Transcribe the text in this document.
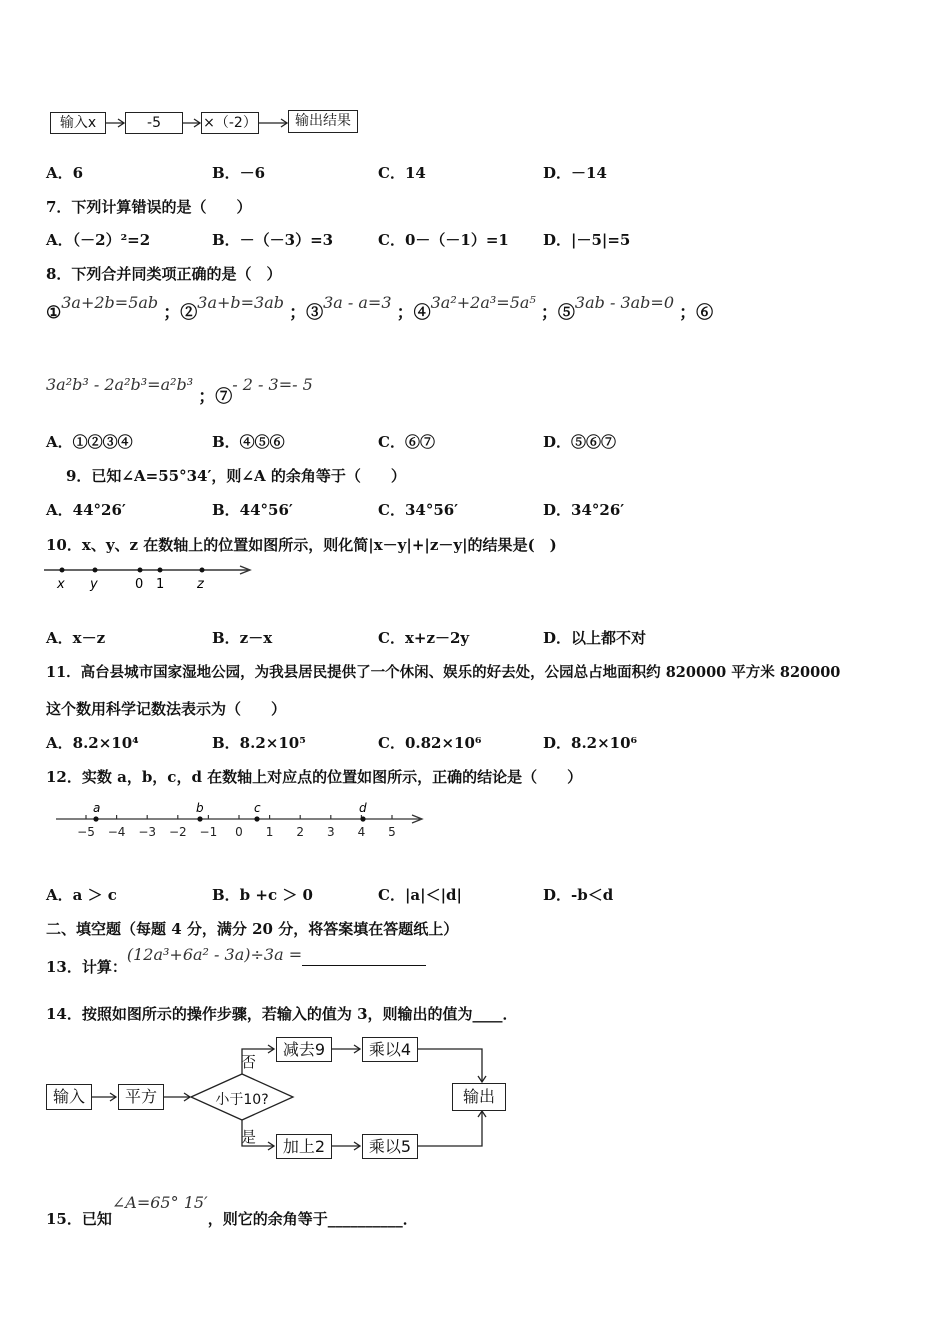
输入x	-5	×（-2）	输出结果
A．6	B．－6	C．14	D．－14
7．下列计算错误的是（　　）
A．（－2）²=2	B．－（－3）=3	C．0－（－1）=1 D．|－5|=5
8．下列合并同类项正确的是（　）
①3a+2b=5ab ；②3a+b=3ab ；③3a - a=3 ；④3a²+2a³=5a⁵ ；⑤3ab - 3ab=0 ；⑥
3a²b³ - 2a²b³=a²b³ ；⑦- 2 - 3=- 5
A．①②③④	B．④⑤⑥	C．⑥⑦	D．⑤⑥⑦
9．已知∠A=55°34′，则∠A 的余角等于（　　）
A．44°26′	B．44°56′	C．34°56′	D．34°26′
10．x、y、z 在数轴上的位置如图所示，则化简|x－y|+|z－y|的结果是(　)
x y	0 1	z
A．x－z	B．z－x	C．x+z－2y	D．以上都不对
11．高台县城市国家湿地公园，为我县居民提供了一个休闲、娱乐的好去处，公园总占地面积约 820000 平方米 820000
这个数用科学记数法表示为（　　）
A．8.2×10⁴	B．8.2×10⁵	C．0.82×10⁶	D．8.2×10⁶
12．实数 a，b，c，d 在数轴上对应点的位置如图所示，正确的结论是（　　）
−5 −4 −3 −2 −1 0 1 2 3 4 5
a	b	c	d
A．a ＞ c	B．b +c ＞ 0	C．|a|＜|d|	D．-b＜d
二、填空题（每题 4 分，满分 20 分，将答案填在答题纸上）
13．计算：(12a³+6a² - 3a)÷3a =
14．按照如图所示的操作步骤，若输入的值为 3，则输出的值为____．
小于10?
否
是
输入	平方
减去9	乘以4
加上2	乘以5
输出
15．已知∠A=65° 15′，则它的余角等于__________．
